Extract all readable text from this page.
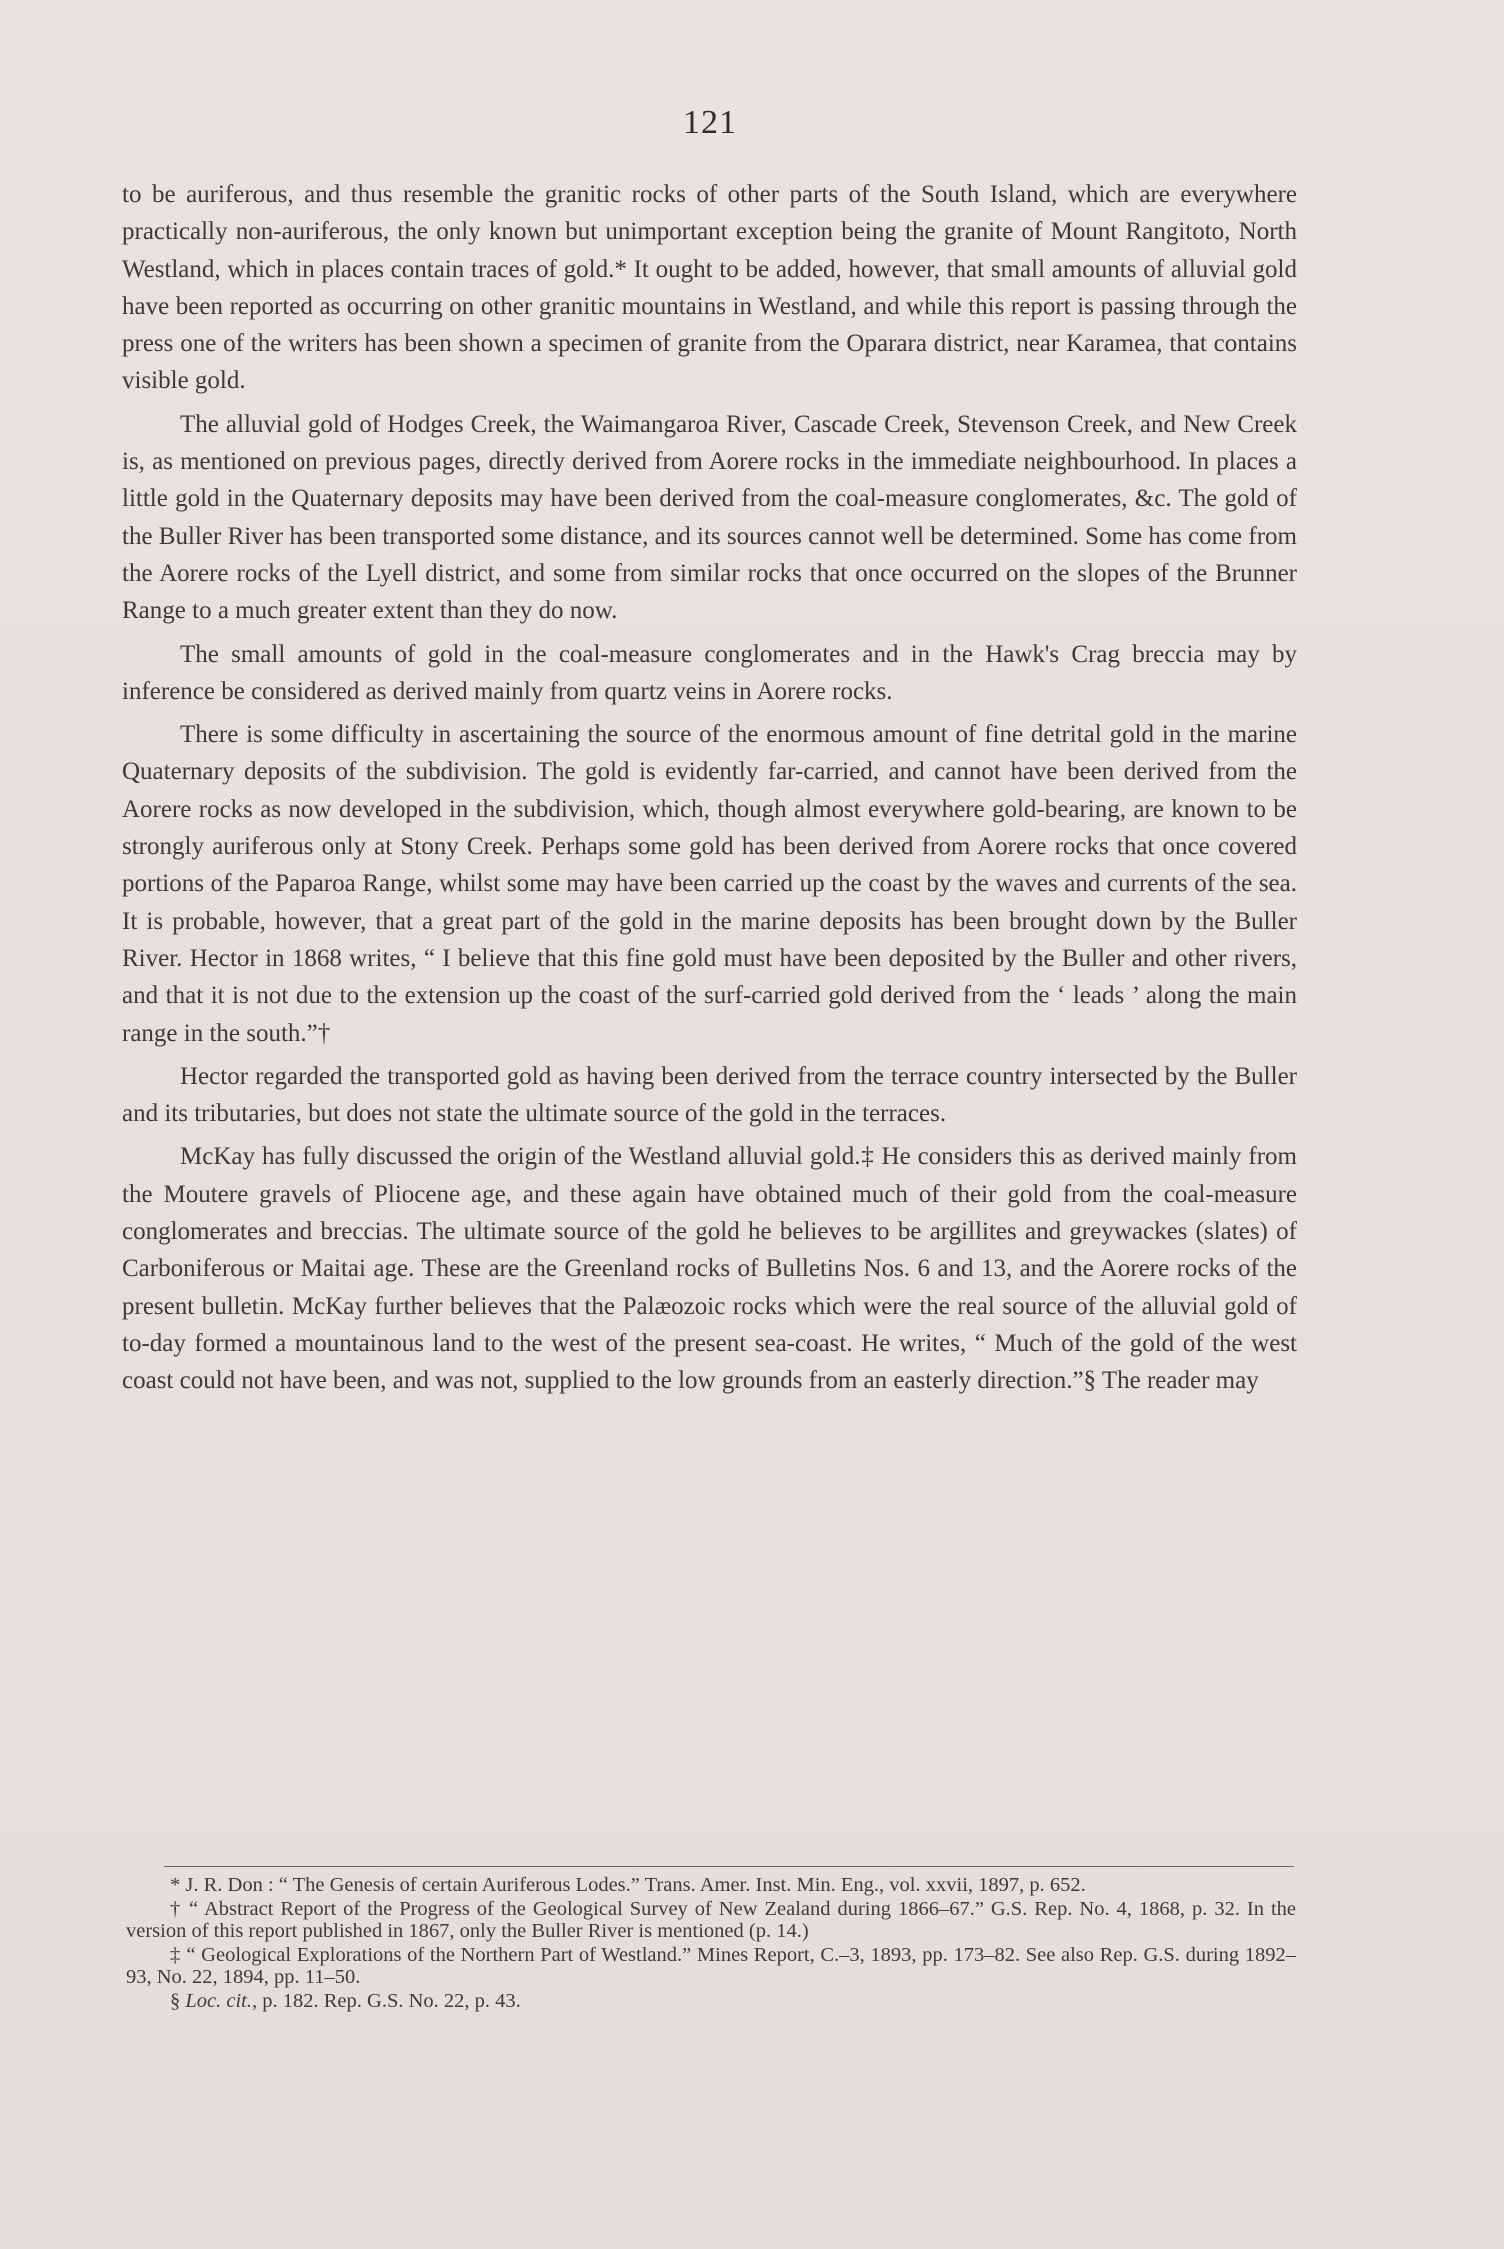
121

to be auriferous, and thus resemble the granitic rocks of other parts of the South Island, which are everywhere practically non-auriferous, the only known but unimportant exception being the granite of Mount Rangitoto, North Westland, which in places contain traces of gold.* It ought to be added, however, that small amounts of alluvial gold have been reported as occurring on other granitic mountains in Westland, and while this report is passing through the press one of the writers has been shown a specimen of granite from the Oparara district, near Karamea, that contains visible gold.

The alluvial gold of Hodges Creek, the Waimangaroa River, Cascade Creek, Stevenson Creek, and New Creek is, as mentioned on previous pages, directly derived from Aorere rocks in the immediate neighbourhood. In places a little gold in the Quaternary deposits may have been derived from the coal-measure conglomerates, &c. The gold of the Buller River has been transported some distance, and its sources cannot well be determined. Some has come from the Aorere rocks of the Lyell district, and some from similar rocks that once occurred on the slopes of the Brunner Range to a much greater extent than they do now.

The small amounts of gold in the coal-measure conglomerates and in the Hawk's Crag breccia may by inference be considered as derived mainly from quartz veins in Aorere rocks.

There is some difficulty in ascertaining the source of the enormous amount of fine detrital gold in the marine Quaternary deposits of the subdivision. The gold is evidently far-carried, and cannot have been derived from the Aorere rocks as now developed in the subdivision, which, though almost everywhere gold-bearing, are known to be strongly auriferous only at Stony Creek. Perhaps some gold has been derived from Aorere rocks that once covered portions of the Paparoa Range, whilst some may have been carried up the coast by the waves and currents of the sea. It is probable, however, that a great part of the gold in the marine deposits has been brought down by the Buller River. Hector in 1868 writes, “ I believe that this fine gold must have been deposited by the Buller and other rivers, and that it is not due to the extension up the coast of the surf-carried gold derived from the ‘ leads ’ along the main range in the south.”†

Hector regarded the transported gold as having been derived from the terrace country intersected by the Buller and its tributaries, but does not state the ultimate source of the gold in the terraces.

McKay has fully discussed the origin of the Westland alluvial gold.‡ He considers this as derived mainly from the Moutere gravels of Pliocene age, and these again have obtained much of their gold from the coal-measure conglomerates and breccias. The ultimate source of the gold he believes to be argillites and greywackes (slates) of Carboniferous or Maitai age. These are the Greenland rocks of Bulletins Nos. 6 and 13, and the Aorere rocks of the present bulletin. McKay further believes that the Palæozoic rocks which were the real source of the alluvial gold of to-day formed a mountainous land to the west of the present sea-coast. He writes, “ Much of the gold of the west coast could not have been, and was not, supplied to the low grounds from an easterly direction.”§ The reader may

* J. R. Don : “ The Genesis of certain Auriferous Lodes.” Trans. Amer. Inst. Min. Eng., vol. xxvii, 1897, p. 652.

† “ Abstract Report of the Progress of the Geological Survey of New Zealand during 1866–67.” G.S. Rep. No. 4, 1868, p. 32. In the version of this report published in 1867, only the Buller River is mentioned (p. 14.)

‡ “ Geological Explorations of the Northern Part of Westland.” Mines Report, C.–3, 1893, pp. 173–82. See also Rep. G.S. during 1892–93, No. 22, 1894, pp. 11–50.

§ Loc. cit., p. 182. Rep. G.S. No. 22, p. 43.
